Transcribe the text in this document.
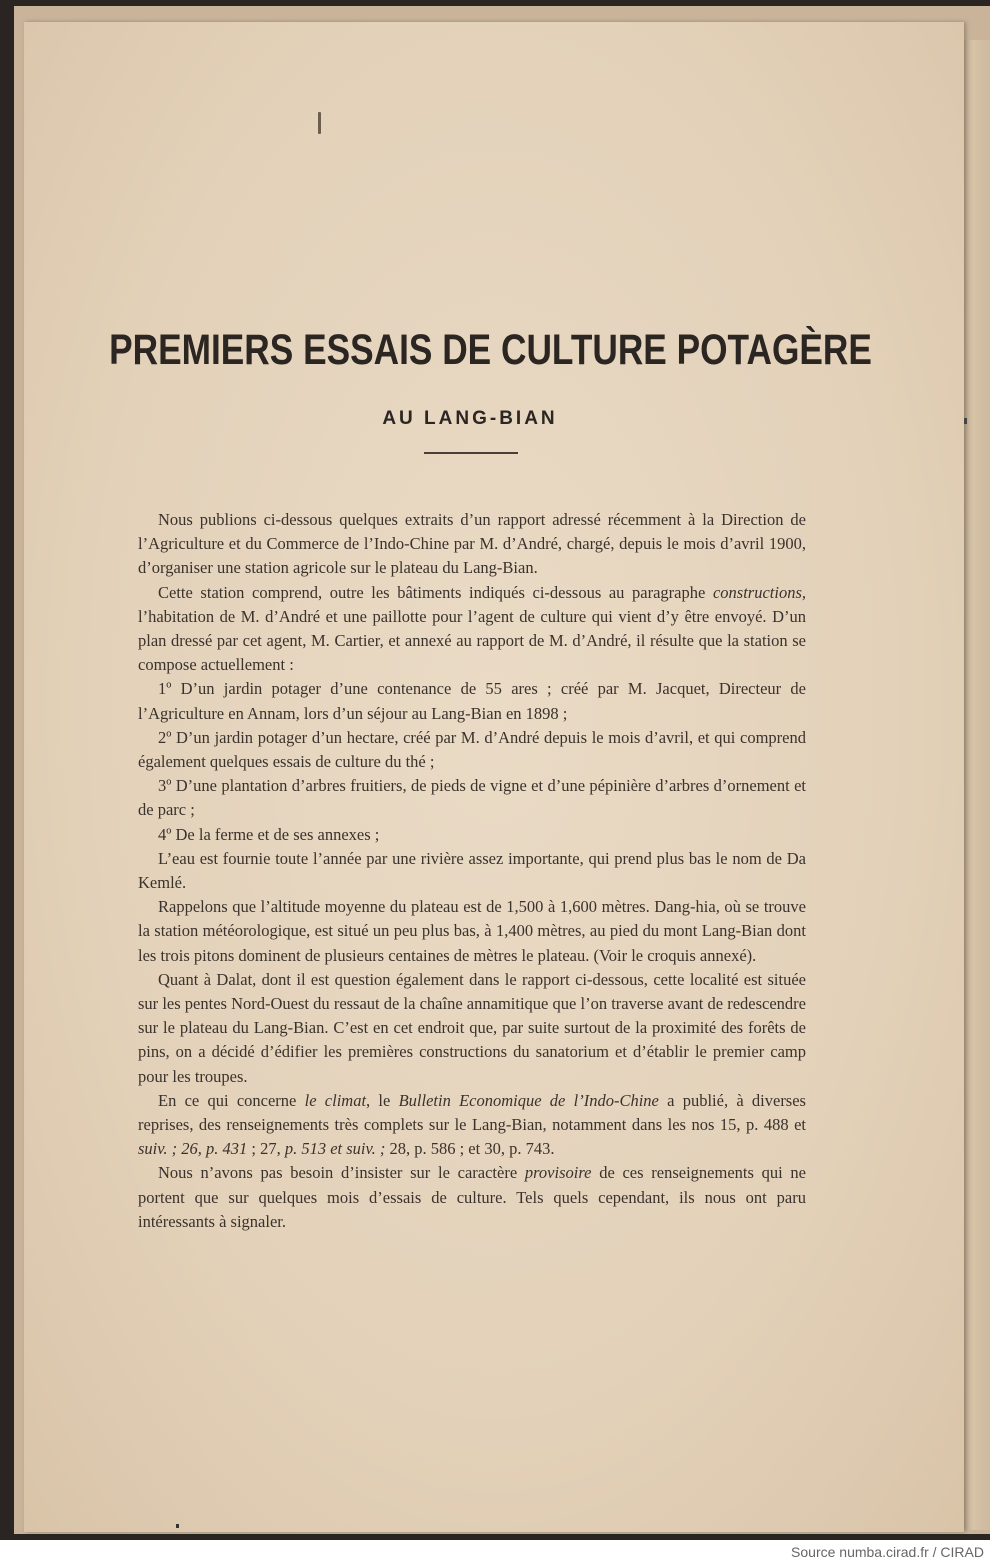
PREMIERS ESSAIS DE CULTURE POTAGÈRE
AU LANG-BIAN

Nous publions ci-dessous quelques extraits d’un rapport adressé récemment à la Direction de l’Agriculture et du Commerce de l’Indo-Chine par M. d’André, chargé, depuis le mois d’avril 1900, d’organiser une station agricole sur le plateau du Lang-Bian.

Cette station comprend, outre les bâtiments indiqués ci-dessous au paragraphe constructions, l’habitation de M. d’André et une paillotte pour l’agent de culture qui vient d’y être envoyé. D’un plan dressé par cet agent, M. Cartier, et annexé au rapport de M. d’André, il résulte que la station se compose actuellement :

1º D’un jardin potager d’une contenance de 55 ares ; créé par M. Jacquet, Directeur de l’Agriculture en Annam, lors d’un séjour au Lang-Bian en 1898 ;

2º D’un jardin potager d’un hectare, créé par M. d’André depuis le mois d’avril, et qui comprend également quelques essais de culture du thé ;

3º D’une plantation d’arbres fruitiers, de pieds de vigne et d’une pépinière d’arbres d’ornement et de parc ;

4º De la ferme et de ses annexes ;

L’eau est fournie toute l’année par une rivière assez importante, qui prend plus bas le nom de Da Kemlé.

Rappelons que l’altitude moyenne du plateau est de 1,500 à 1,600 mètres. Dang-hia, où se trouve la station météorologique, est situé un peu plus bas, à 1,400 mètres, au pied du mont Lang-Bian dont les trois pitons dominent de plusieurs centaines de mètres le plateau. (Voir le croquis annexé).

Quant à Dalat, dont il est question également dans le rapport ci-dessous, cette localité est située sur les pentes Nord-Ouest du ressaut de la chaîne annamitique que l’on traverse avant de redescendre sur le plateau du Lang-Bian. C’est en cet endroit que, par suite surtout de la proximité des forêts de pins, on a décidé d’édifier les premières constructions du sanatorium et d’établir le premier camp pour les troupes.

En ce qui concerne le climat, le Bulletin Economique de l’Indo-Chine a publié, à diverses reprises, des renseignements très complets sur le Lang-Bian, notamment dans les nos 15, p. 488 et suiv. ; 26, p. 431 ; 27, p. 513 et suiv. ; 28, p. 586 ; et 30, p. 743.

Nous n’avons pas besoin d’insister sur le caractère provisoire de ces renseignements qui ne portent que sur quelques mois d’essais de culture. Tels quels cependant, ils nous ont paru intéressants à signaler.

Source numba.cirad.fr / CIRAD
